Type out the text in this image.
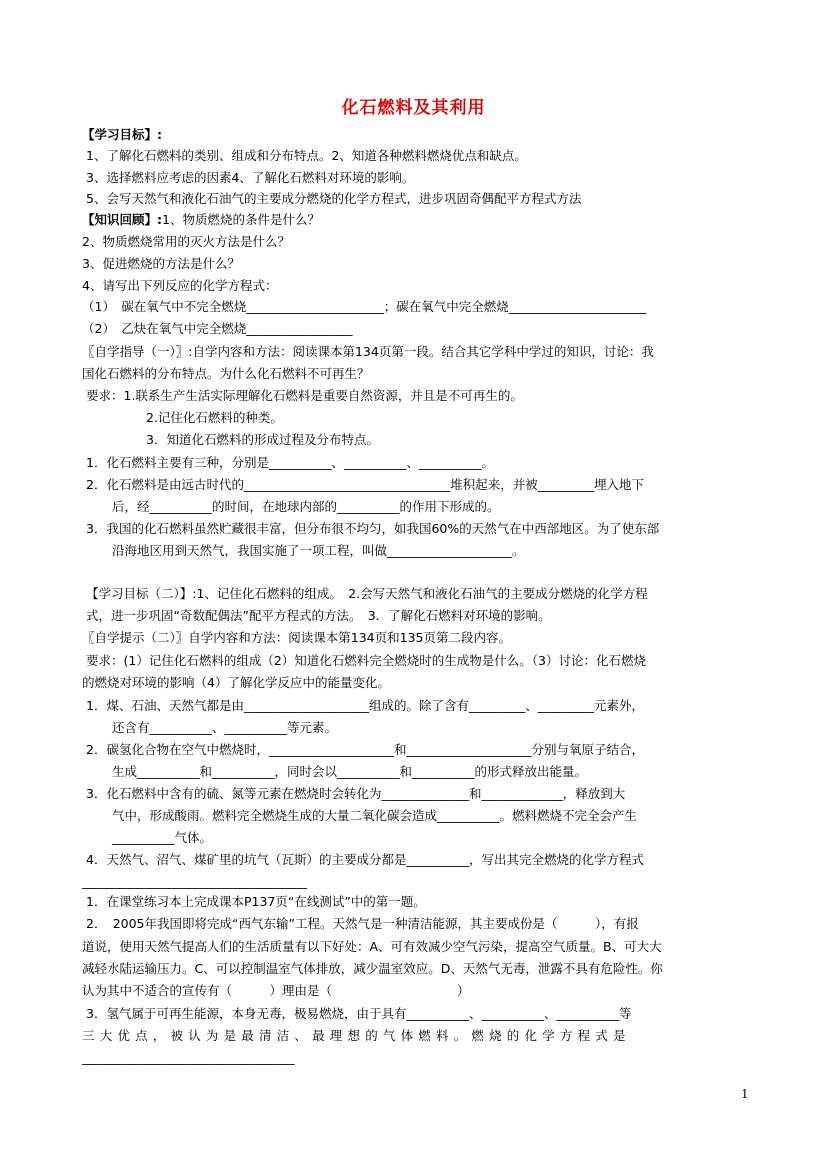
化石燃料及其利用
【学习目标】:
1、了解化石燃料的类别、组成和分布特点。2、知道各种燃料燃烧优点和缺点。
3、选择燃料应考虑的因素4、了解化石燃料对环境的影响。
5、会写天然气和液化石油气的主要成分燃烧的化学方程式，进步巩固奇偶配平方程式方法
【知识回顾】:1、物质燃烧的条件是什么？
2、物质燃烧常用的灭火方法是什么？
3、促进燃烧的方法是什么？
4、请写出下列反应的化学方程式：
（1）　碳在氧气中不完全燃烧______________________；碳在氧气中完全燃烧______________________
（2）　乙炔在氧气中完全燃烧_________________
〖自学指导（一）〗:自学内容和方法：阅读课本第134页第一段。结合其它学科中学过的知识，讨论：我
国化石燃料的分布特点。为什么化石燃料不可再生？
要求：1.联系生产生活实际理解化石燃料是重要自然资源，并且是不可再生的。
2.记住化石燃料的种类。
3．知道化石燃料的形成过程及分布特点。
1．化石燃料主要有三种，分别是__________、__________、__________。
2．化石燃料是由远古时代的_________________________________堆积起来，并被_________埋入地下
后，经__________的时间，在地球内部的__________的作用下形成的。
3．我国的化石燃料虽然贮藏很丰富，但分布很不均匀，如我国60%的天然气在中西部地区。为了使东部
沿海地区用到天然气，我国实施了一项工程，叫做____________________。
【学习目标（二）】:1、记住化石燃料的组成。　2.会写天然气和液化石油气的主要成分燃烧的化学方程
式，进一步巩固“奇数配偶法”配平方程式的方法。　3．了解化石燃料对环境的影响。
〖自学提示（二）〗自学内容和方法：阅读课本第134页和135页第二段内容。
要求：(1）记住化石燃料的组成（2）知道化石燃料完全燃烧时的生成物是什么。（3）讨论：化石燃烧
的燃烧对环境的影响（4）了解化学反应中的能量变化。
1．煤、石油、天然气都是由____________________组成的。除了含有_________、_________元素外，
还含有__________、__________等元素。
2．碳氢化合物在空气中燃烧时，____________________和____________________分别与氧原子结合，
生成__________和__________，同时会以__________和__________的形式释放出能量。
3．化石燃料中含有的硫、氮等元素在燃烧时会转化为______________和_____________，释放到大
气中，形成酸雨。燃料完全燃烧生成的大量二氧化碳会造成__________。燃料燃烧不完全会产生
__________气体。
4．天然气、沼气、煤矿里的坑气（瓦斯）的主要成分都是__________，写出其完全燃烧的化学方程式
____________________________________
1．在课堂练习本上完成课本P137页“在线测试”中的第一题。
2．　2005年我国即将完成“西气东输”工程。天然气是一种清洁能源，其主要成份是（　　　），有报
道说，使用天然气提高人们的生活质量有以下好处：A、可有效减少空气污染，提高空气质量。B、可大大
减轻水陆运输压力。C、可以控制温室气体排放，减少温室效应。D、天然气无毒，泄露不具有危险性。你
认为其中不适合的宣传有（　　　）理由是（　　　　　　　　　　）
3．氢气属于可再生能源，本身无毒，极易燃烧，由于具有__________、__________、__________等
三大优点，被认为是最清洁、最理想的气体燃料。燃烧的化学方程式是
__________________________________
1
